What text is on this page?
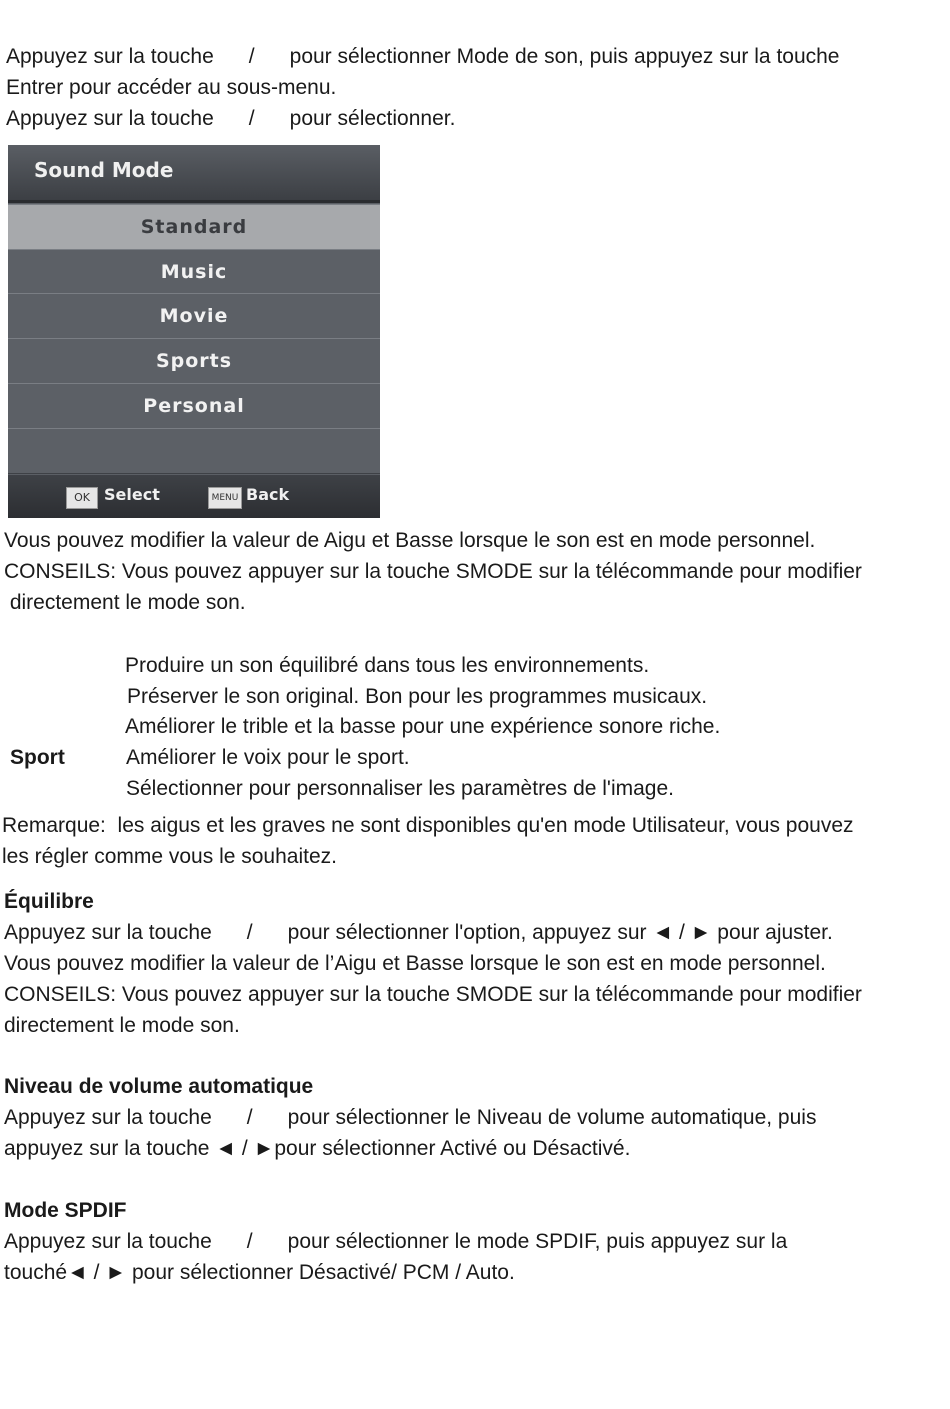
Appuyez sur la touche      /      pour sélectionner Mode de son, puis appuyez sur la touche
Entrer pour accéder au sous-menu.
Appuyez sur la touche      /      pour sélectionner.
Sound Mode
Standard
Music
Movie
Sports
Personal
OK Select	MENU Back
Vous pouvez modifier la valeur de Aigu et Basse lorsque le son est en mode personnel.
CONSEILS: Vous pouvez appuyer sur la touche SMODE sur la télécommande pour modifier
directement le mode son.
Produire un son équilibré dans tous les environnements.
Préserver le son original. Bon pour les programmes musicaux.
Améliorer le trible et la basse pour une expérience sonore riche.
Sport	Améliorer le voix pour le sport.
Sélectionner pour personnaliser les paramètres de l'image.
Remarque:  les aigus et les graves ne sont disponibles qu'en mode Utilisateur, vous pouvez
les régler comme vous le souhaitez.
Équilibre
Appuyez sur la touche      /      pour sélectionner l'option, appuyez sur ◄ / ► pour ajuster.
Vous pouvez modifier la valeur de l’Aigu et Basse lorsque le son est en mode personnel.
CONSEILS: Vous pouvez appuyer sur la touche SMODE sur la télécommande pour modifier
directement le mode son.
Niveau de volume automatique
Appuyez sur la touche      /      pour sélectionner le Niveau de volume automatique, puis
appuyez sur la touche ◄ / ►pour sélectionner Activé ou Désactivé.
Mode SPDIF
Appuyez sur la touche      /      pour sélectionner le mode SPDIF, puis appuyez sur la
touché◄ / ► pour sélectionner Désactivé/ PCM / Auto.
